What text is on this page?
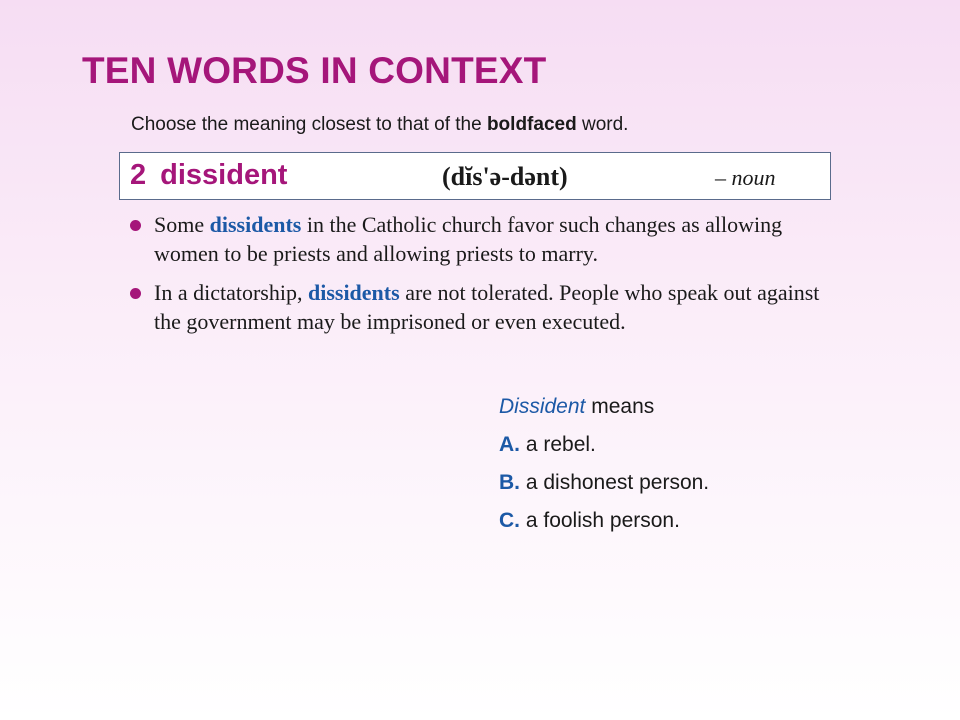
TEN WORDS IN CONTEXT
Choose the meaning closest to that of the boldfaced word.
2 dissident	(dĭs'ə-dənt)	– noun
Some dissidents in the Catholic church favor such changes as allowing women to be priests and allowing priests to marry.
In a dictatorship, dissidents are not tolerated. People who speak out against the government may be imprisoned or even executed.
Dissident means
A. a rebel.
B. a dishonest person.
C. a foolish person.
